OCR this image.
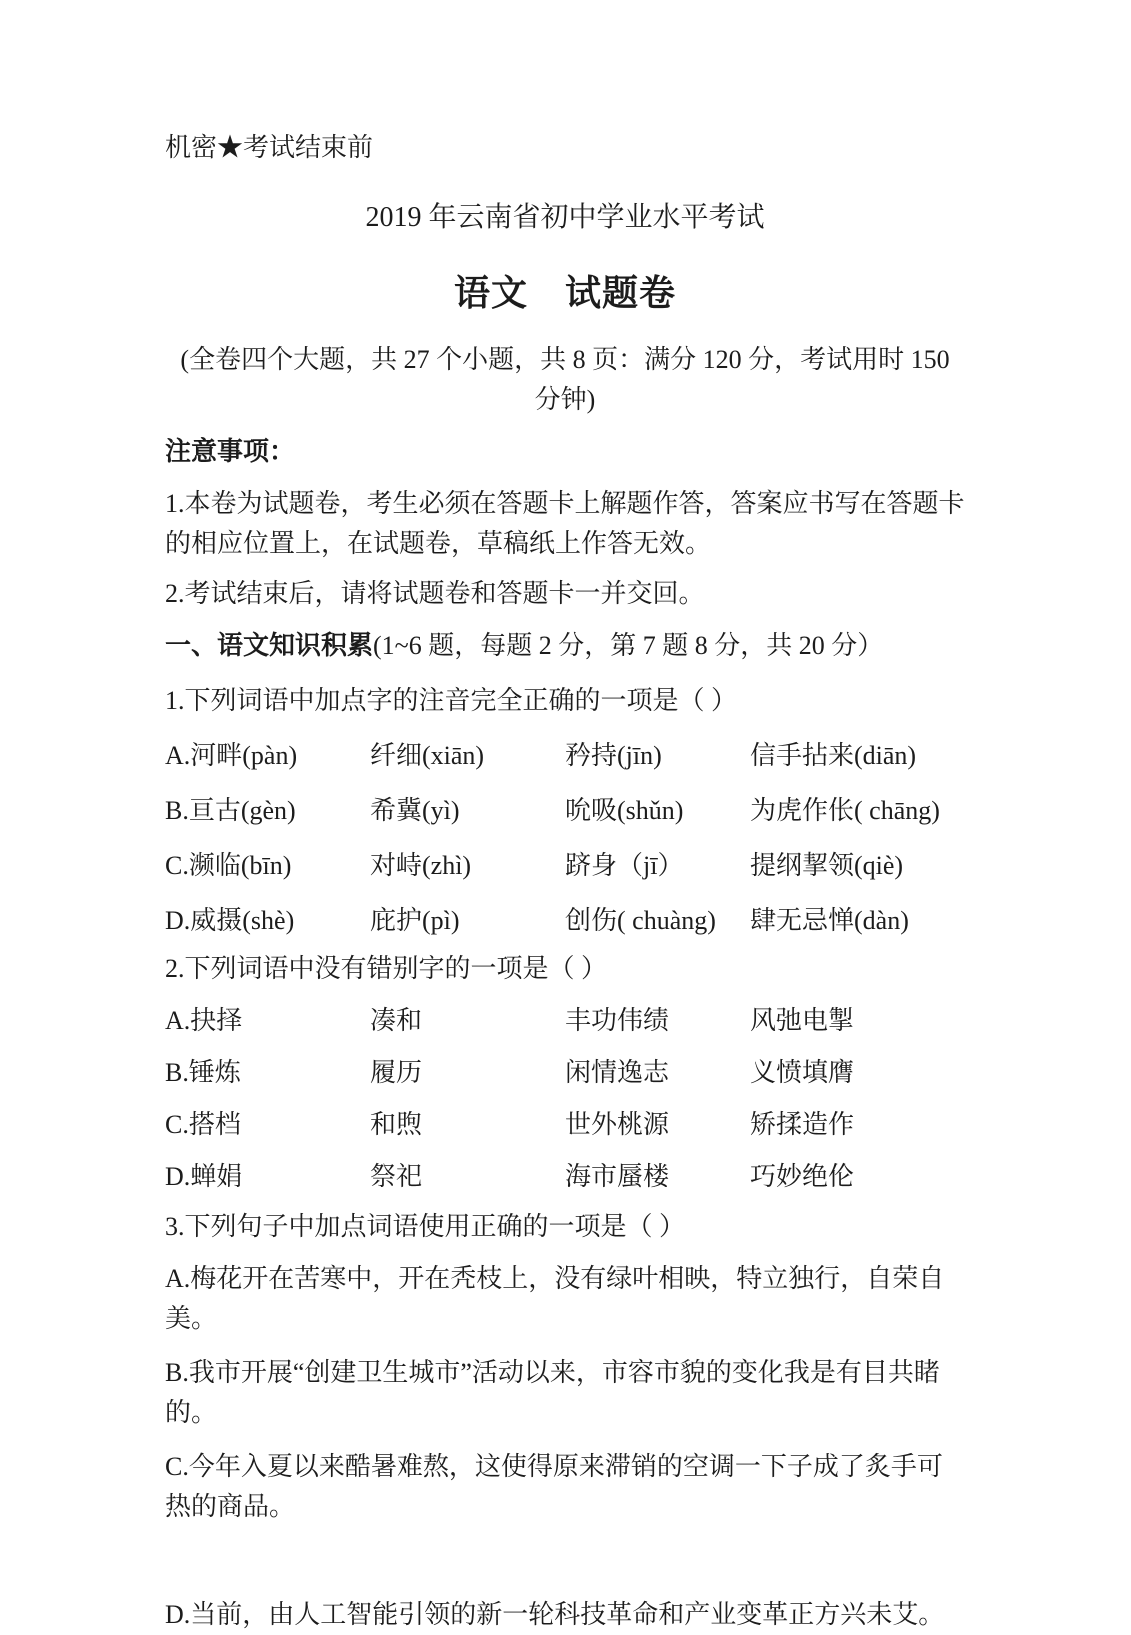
机密★考试结束前

2019 年云南省初中学业水平考试

语文　试题卷

(全卷四个大题，共 27 个小题，共 8 页：满分 120 分，考试用时 150 分钟)

注意事项：

1.本卷为试题卷，考生必须在答题卡上解题作答，答案应书写在答题卡的相应位置上，在试题卷，草稿纸上作答无效。

2.考试结束后，请将试题卷和答题卡一并交回。

一、语文知识积累(1~6 题，每题 2 分，第 7 题 8 分，共 20 分）

1.下列词语中加点字的注音完全正确的一项是（ ）

A.河畔(pàn)	纤细(xiān)	矜持(jīn)	信手拈来(diān)
B.亘古(gèn)	希冀(yì)	吮吸(shǔn)	为虎作伥( chāng)
C.濒临(bīn)	对峙(zhì)	跻身（jī）	提纲挈领(qiè)
D.威摄(shè)	庇护(pì)	创伤( chuàng)	肆无忌惮(dàn)

2.下列词语中没有错别字的一项是（ ）

A.抉择	凑和	丰功伟绩	风弛电掣
B.锤炼	履历	闲情逸志	义愤填膺
C.搭档	和煦	世外桃源	矫揉造作
D.蝉娟	祭祀	海市蜃楼	巧妙绝伦

3.下列句子中加点词语使用正确的一项是（ ）

A.梅花开在苦寒中，开在秃枝上，没有绿叶相映，特立独行，自荣自美。

B.我市开展“创建卫生城市”活动以来，市容市貌的变化我是有目共睹的。

C.今年入夏以来酷暑难熬，这使得原来滞销的空调一下子成了炙手可热的商品。

D.当前，由人工智能引领的新一轮科技革命和产业变革正方兴未艾。
